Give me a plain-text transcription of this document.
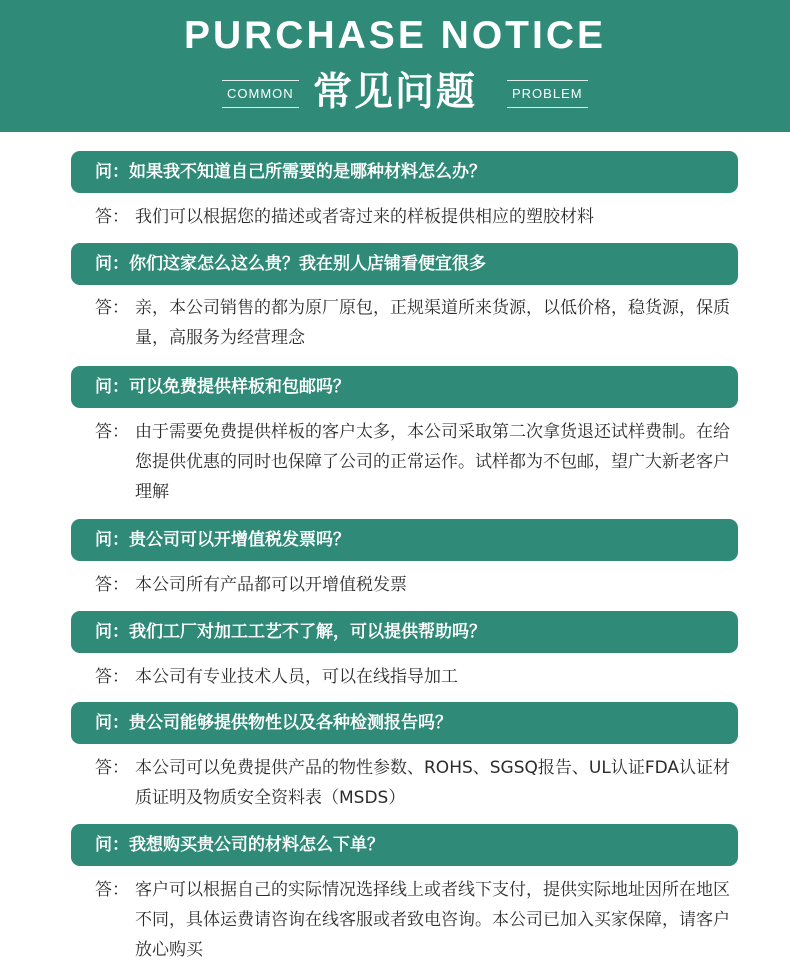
PURCHASE NOTICE
COMMON 常见问题	PROBLEM
问：如果我不知道自己所需要的是哪种材料怎么办？
答： 我们可以根据您的描述或者寄过来的样板提供相应的塑胶材料
问：你们这家怎么这么贵？我在别人店铺看便宜很多
答： 亲，本公司销售的都为原厂原包，正规渠道所来货源，以低价格，稳货源，保质量，高服务为经营理念
问：可以免费提供样板和包邮吗？
答： 由于需要免费提供样板的客户太多，本公司采取第二次拿货退还试样费制。在给您提供优惠的同时也保障了公司的正常运作。试样都为不包邮，望广大新老客户理解
问：贵公司可以开增值税发票吗？
答： 本公司所有产品都可以开增值税发票
问：我们工厂对加工工艺不了解，可以提供帮助吗？
答： 本公司有专业技术人员，可以在线指导加工
问：贵公司能够提供物性以及各种检测报告吗？
答： 本公司可以免费提供产品的物性参数、ROHS、SGSQ报告、UL认证FDA认证材质证明及物质安全资料表（MSDS）
问：我想购买贵公司的材料怎么下单？
答： 客户可以根据自己的实际情况选择线上或者线下支付，提供实际地址因所在地区不同，具体运费请咨询在线客服或者致电咨询。本公司已加入买家保障，请客户放心购买
